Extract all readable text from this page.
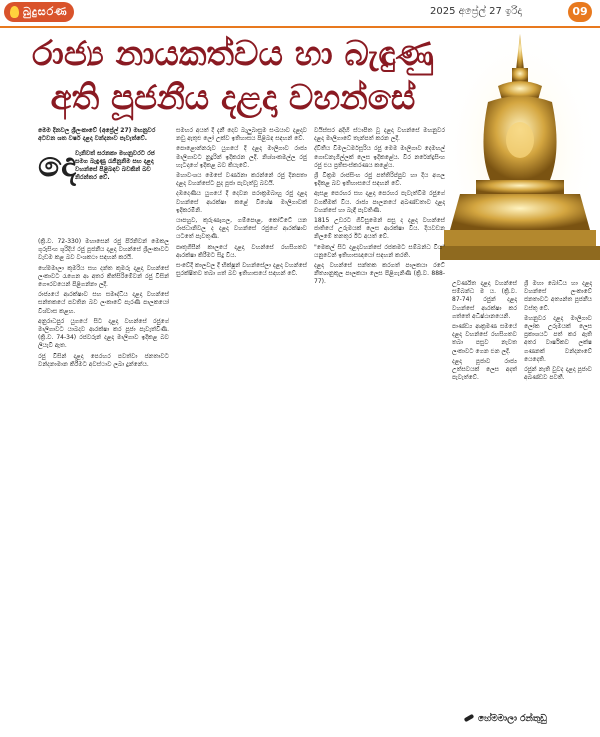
බුදුසරණ	2025 අප්‍රේල් 27 ඉරිදා	09
රාජ්‍ය නායකත්වය හා බැඳුණු
අති පූජනීය දළදා වහන්සේ
මෙම දිනවල ශ්‍රීලංකාවේ (අප්‍රේල් 27) මහනුවර අටවන ශත වර්ෂ දළදා වන්දනාව පැවැත්වේ.
දෙ
වැනිවත් සරනකා මහනුවරට රජ සමග බැඳුණු රැජිනුනිම සහ දළදා වහන්සේ පිළිබඳව බවකින් බව නිරන්තර වේ.

(ක්‍රි.ව. 72-330) මහාසෙන් රජු පිරිනිවන් මෙකල ගුරුසිංහ ශුරිදිය් රජු පූජනීය දළදා වහන්සේ ශ්‍රීලංකාවට වැඩම කළ බව වංශකථා සඳහන් කරයි.

හේමමාලා කුමරිය සහ දන්ත කුමරු දළදා වහන්සේ ලංකාවට රැගෙන ආ අතර කිත්සිරිමේවන් රජු විසින් ගෞරවයෙන් පිළිගන්නා ලදී.

රාජ්‍යයේ ආරක්ෂාව සහ සමෘද්ධිය දළදා වහන්සේ සන්තකයේ පවතින බව ලංකාවේ පැරණි පාලකයෝ විශ්වාස කළහ.

අනුරාධපුර යුගයේ සිට දළදා වහන්සේ රජුගේ මාලිගාවට යාබදව ආරක්ෂා කර පූජා පැවැත්විණි. (ක්‍රි.ව. 74-34) රජවරුන් දළදා මාලිගාව ඉදිකළ බව ලියැවී ඇත.

රජු විසින් දළදා පෙරහර පවත්වා ජනතාවට වන්දනාමාන කිරීමට අවස්ථාව ලබා දුන්නේය.

සමහර අයත් දී දැනී දෙව බැලුබාසුම සංඛයාව දළදාව නඩු ඇතුළු ලෝ උක්ව ඉතිහාසය පිළිබඳ සඳහන් වේ.

පොළොන්නරුව යුගයේ දී දළදා මාලිගාව රාජ්‍ය මාලිගාවට නුදුරින් ඉදිකරන ලදී. නිශ්ශංකමල්ල රජු හැටදාගේ ඉදිකළ බව කියැවේ.

මහාවංශය මෙසේ වර්ණනා කරන්නේ රජු දිනපතා දළදා වහන්සේට පුද පූජා පැවැත්වූ බවයි.

දඹදෙණිය යුගයේ දී දෙවන පරාක්‍රමබාහු රජු දළදා වහන්සේ ආරක්ෂා කළේ විශේෂ මාලිගාවක් ඉදිකරමිනි.

යාපහුව, කුරුණෑගල, ගම්පොළ, කෝට්ටේ යන රාජධානිවල ද දළදා වහන්සේ රජුගේ ආරක්ෂාව යටතේ පැවතුණි.

පෘතුගීසීන් කාලයේ දළදා වහන්සේ රහසිගතව ආරක්ෂා කිරීමට සිදු විය.

සංවේදී කාලවල දී භික්ෂූන් වහන්සේලා දළදා වහන්සේ සුරක්ෂිතව තබා ගත් බව ඉතිහාසයේ සඳහන් වේ.

වයිස්සර අදිහි ස්ථාපිත වූ දළදා වහන්සේ මහනුවර දළදා මාලිගාවේ තැන්පත් කරන ලදී.

ද්විතීය විමලධර්මසූරිය රජු මෙම මාලිගාව දෙමහල් ගොඩනැගිල්ලක් ලෙස ඉදිකළේය. වීර නරේන්ද්‍රසිංහ රජු එය ප්‍රතිසංස්කරණය කළේය.

ශ්‍රී වික්‍රම රාජසිංහ රජු පත්තිරිප්පුව හා දිය අගල ඉදිකළ බව ඉතිහාසයේ සඳහන් වේ.

ඇසළ පෙරහර සහ දළදා පෙරහර පැවැත්වීම රජුගේ වගකීමක් විය. රාජ්‍ය පාලනයේ අඛණ්ඩතාව දළදා වහන්සේ හා බැඳී පැවතිණි.

1815 උඩරට ගිවිසුමෙන් පසු ද දළදා වහන්සේ ජාතියේ උරුමයක් ලෙස ආරක්ෂා විය. දියවඩන නිලමේ තනතුර ඊට අයත් වේ.

"මෙකල් සිට දළදාවහන්සේ රජකමට සම්බන්ධ විය" යනුවෙන් ඉතිහාසඥයෝ සඳහන් කරති.

දළදා වහන්සේ සන්තක කරගත් පාලකයා රටේ නීත්‍යානුකූල පාලකයා ලෙස පිළිගැනිණි (ක්‍රි.ව. 888-77).	උවර්ණිත දළදා වහන්සේ සම්බන්ධ ම ය. (ක්‍රි.ව. 87-74) රජුන් දළදා වහන්සේ ආරක්ෂා කර ගත්තේ අධිෂ්ඨානයෙනි.

පාණ්ඩ්‍ය ආක්‍රමණ සමයේ දළදා වහන්සේ රහසිගතව තබා පසුව නැවත ලංකාවට ගෙන එන ලදී.

දළදා පූජාව රාජ්‍ය උත්සවයක් ලෙස අදත් පැවැත්වේ.

ශ්‍රී මහා බෝධිය හා දළදා වහන්සේ ලංකාවේ ජනතාවට අත්‍යන්ත පූජනීය වස්තු වේ.

මහනුවර දළදා මාලිගාව ලෝක උරුමයක් ලෙස ප්‍රකාශයට පත් කර ඇති අතර වාර්ෂිකව ලක්ෂ ගණනක් වන්දනාවේ යෙදෙති.

රජුන් නැති වුවද දළදා පූජාව අඛණ්ඩව පවතී.

හේමමාලා රන්තුඩු
